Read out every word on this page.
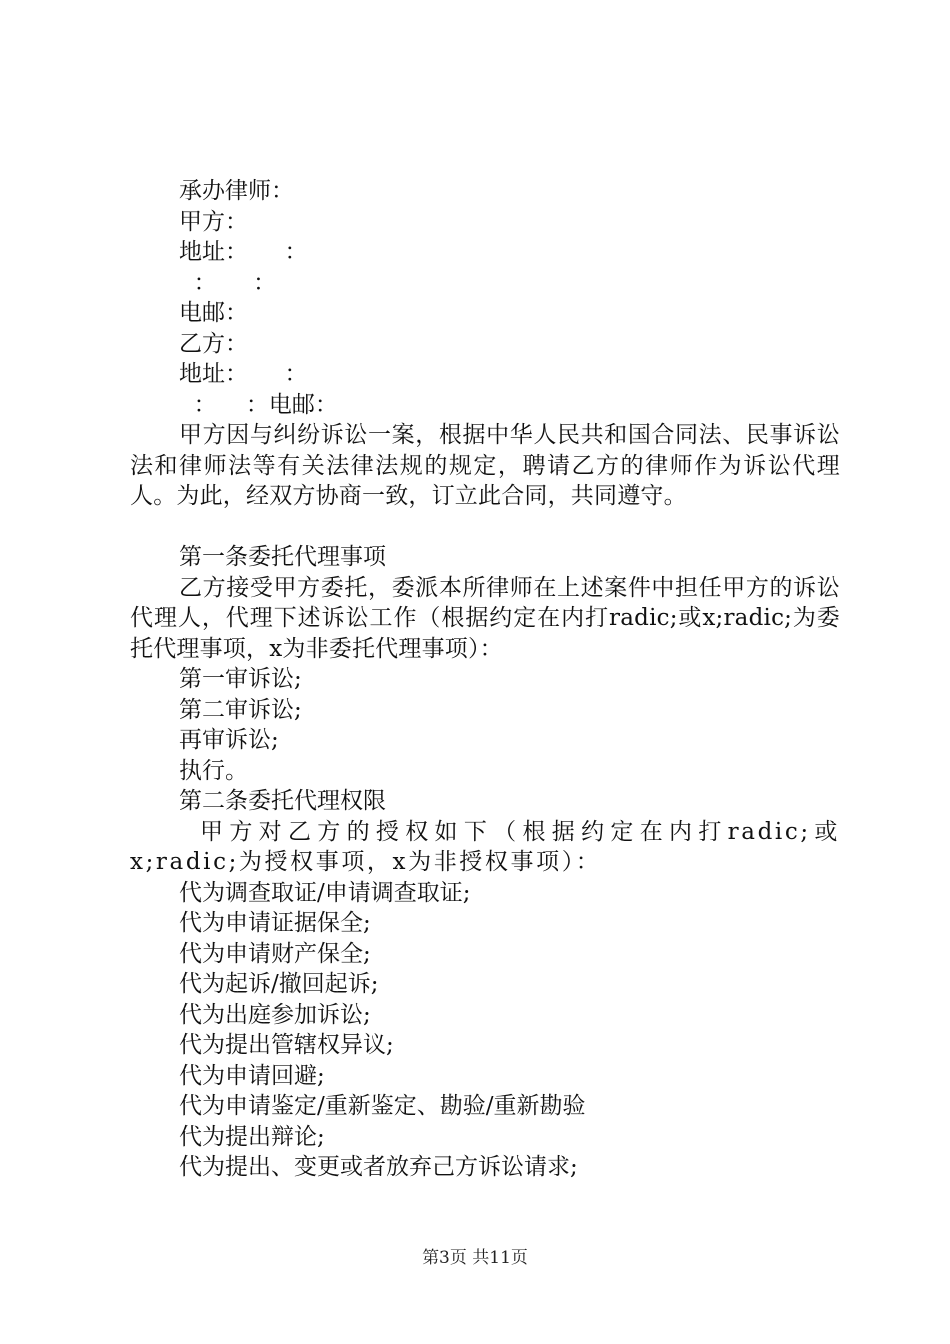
承办律师：
甲方：
地址：     ：
：     ：
电邮：
乙方：
地址：     ：
：    ：电邮：
甲方因与纠纷诉讼一案，根据中华人民共和国合同法、民事诉讼法和律师法等有关法律法规的规定，聘请乙方的律师作为诉讼代理人。为此，经双方协商一致，订立此合同，共同遵守。
第一条委托代理事项
乙方接受甲方委托，委派本所律师在上述案件中担任甲方的诉讼代理人，代理下述诉讼工作（根据约定在内打radic;或x;radic;为委托代理事项，x为非委托代理事项）：
第一审诉讼;
第二审诉讼;
再审诉讼;
执行。
第二条委托代理权限
甲方对乙方的授权如下（根据约定在内打radic;或x;radic;为授权事项，x为非授权事项）：
代为调查取证/申请调查取证;
代为申请证据保全;
代为申请财产保全;
代为起诉/撤回起诉;
代为出庭参加诉讼;
代为提出管辖权异议;
代为申请回避;
代为申请鉴定/重新鉴定、勘验/重新勘验
代为提出辩论;
代为提出、变更或者放弃己方诉讼请求;
第3页 共11页
